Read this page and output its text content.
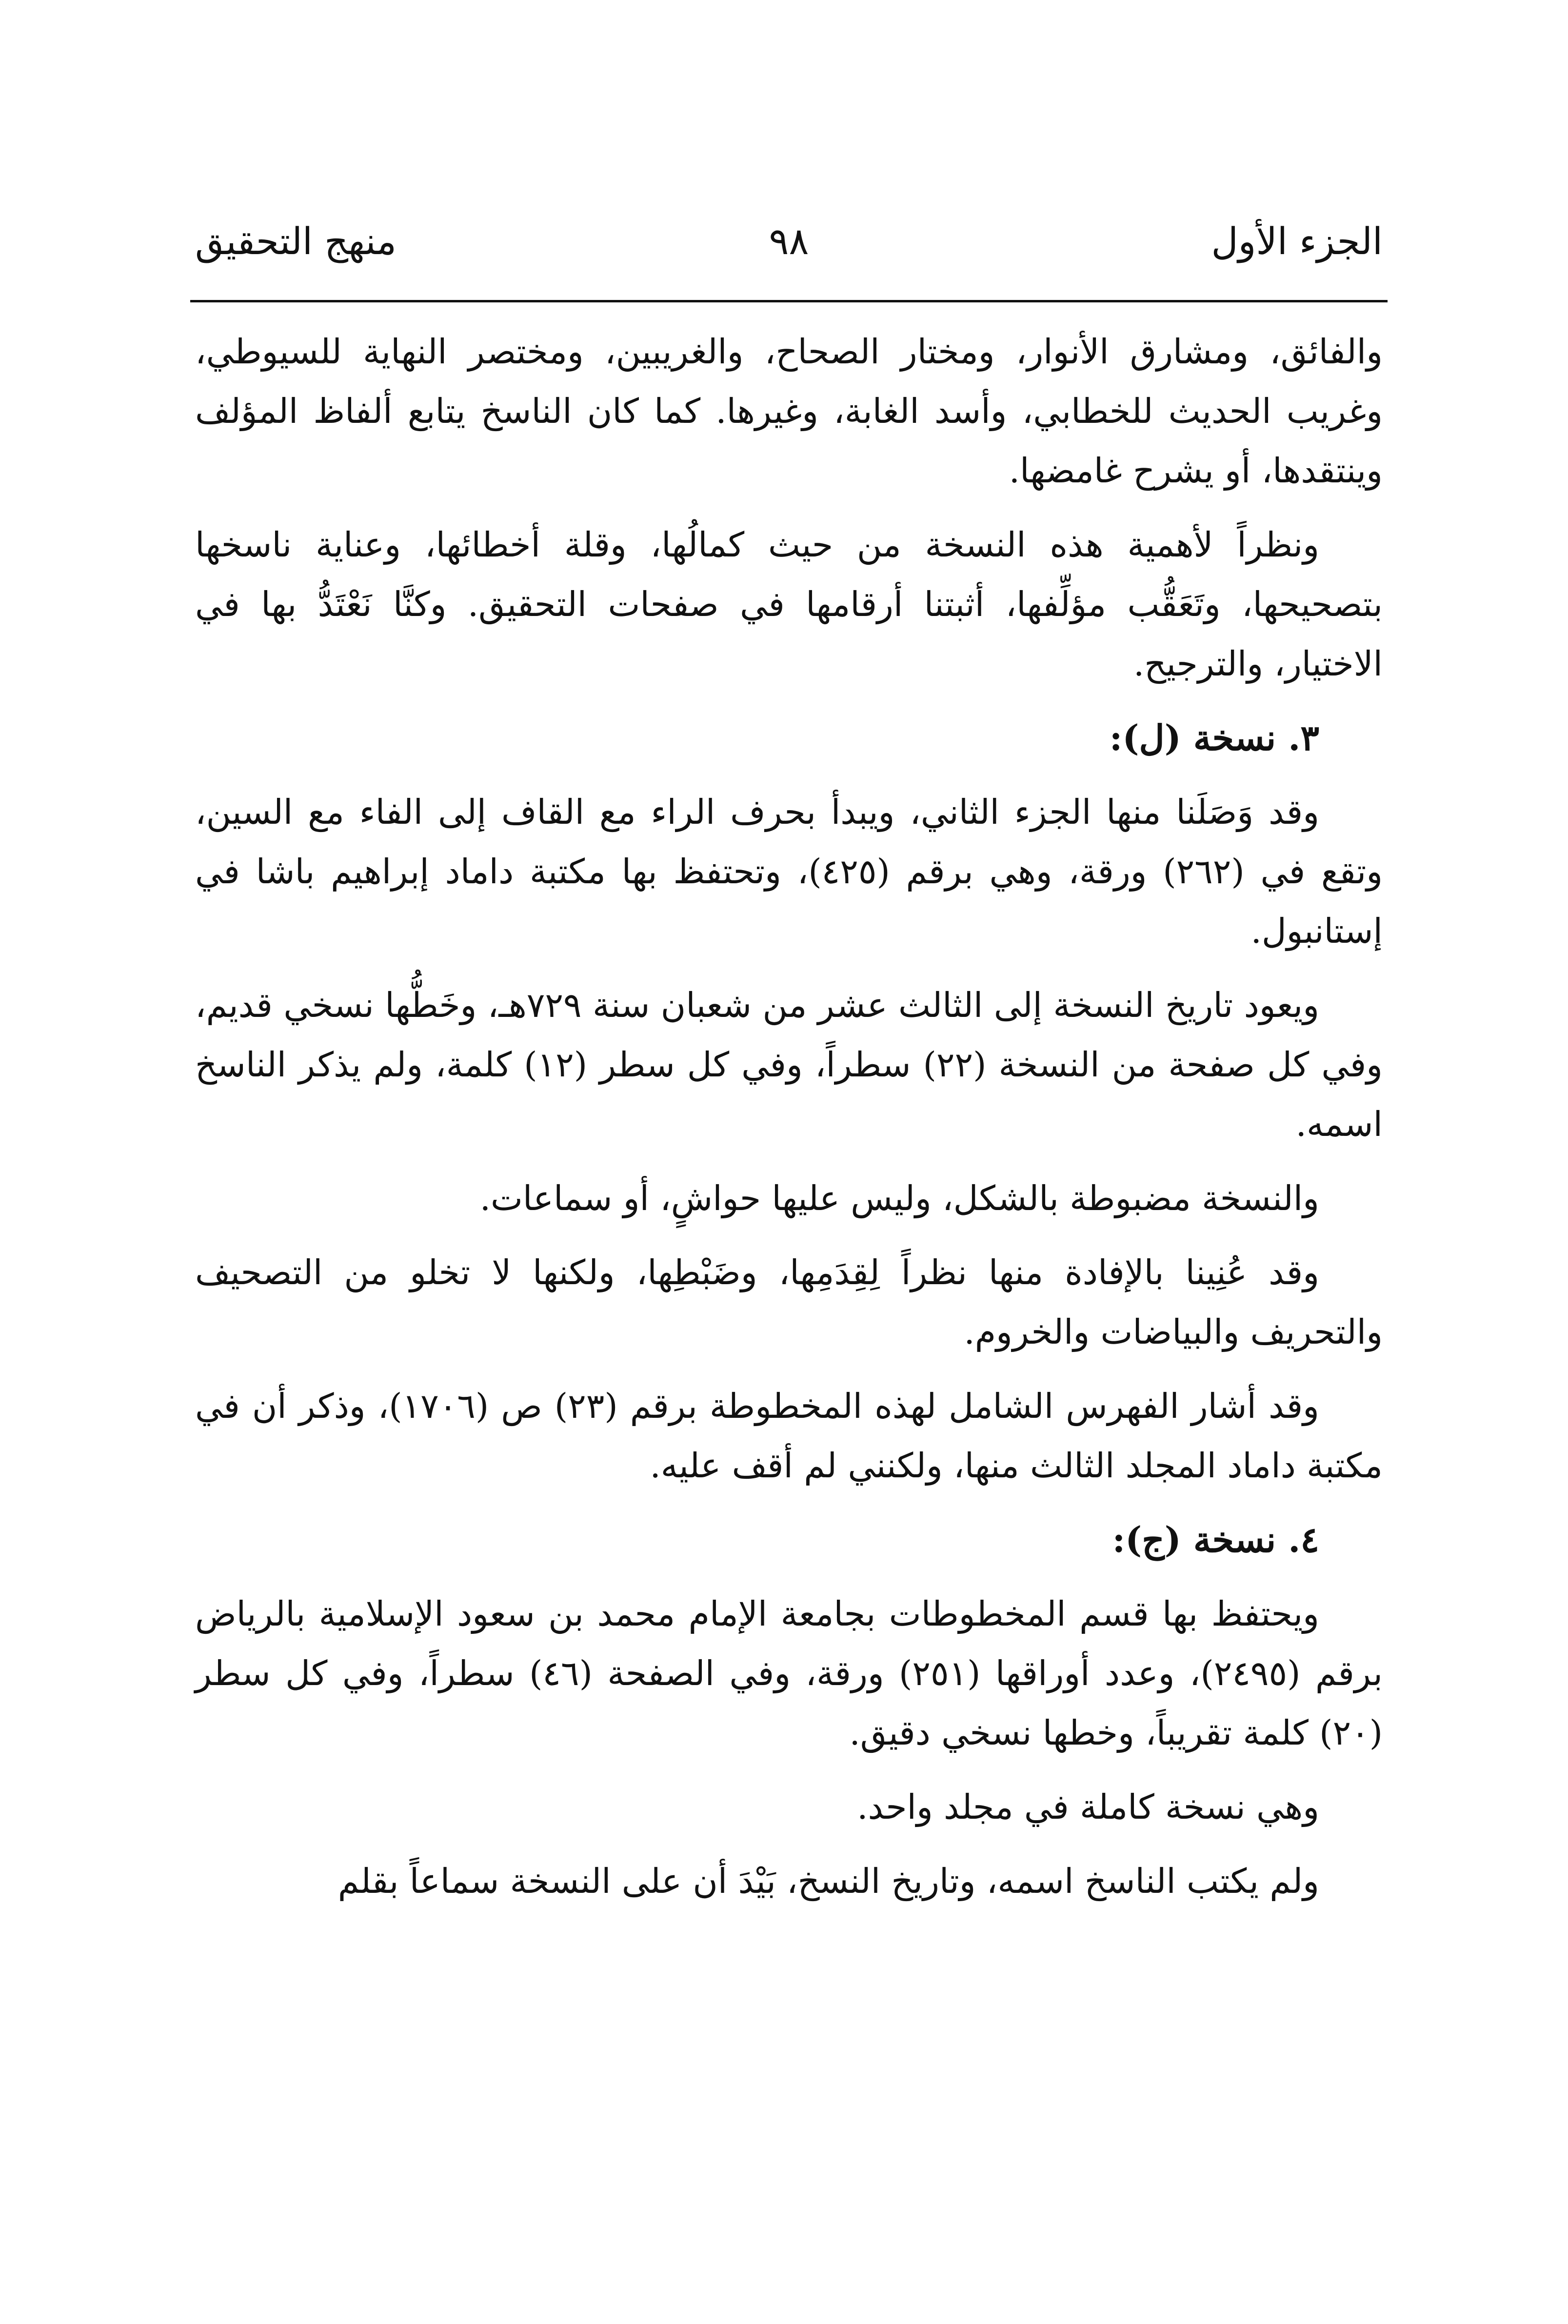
الجزء الأول
٩٨
منهج التحقيق

والفائق، ومشارق الأنوار، ومختار الصحاح، والغريبين، ومختصر النهاية للسيوطي، وغريب الحديث للخطابي، وأسد الغابة، وغيرها. كما كان الناسخ يتابع ألفاظ المؤلف وينتقدها، أو يشرح غامضها.

ونظراً لأهمية هذه النسخة من حيث كمالُها، وقلة أخطائها، وعناية ناسخها بتصحيحها، وتَعَقُّب مؤلِّفها، أثبتنا أرقامها في صفحات التحقيق. وكنَّا نَعْتَدُّ بها في الاختيار، والترجيح.

٣. نسخة (ل):

وقد وَصَلَنا منها الجزء الثاني، ويبدأ بحرف الراء مع القاف إلى الفاء مع السين، وتقع في (٢٦٢) ورقة، وهي برقم (٤٢٥)، وتحتفظ بها مكتبة داماد إبراهيم باشا في إستانبول.

ويعود تاريخ النسخة إلى الثالث عشر من شعبان سنة ٧٢٩هـ، وخَطُّها نسخي قديم، وفي كل صفحة من النسخة (٢٢) سطراً، وفي كل سطر (١٢) كلمة، ولم يذكر الناسخ اسمه.

والنسخة مضبوطة بالشكل، وليس عليها حواشٍ، أو سماعات.

وقد عُنِينا بالإفادة منها نظراً لِقِدَمِها، وضَبْطِها، ولكنها لا تخلو من التصحيف والتحريف والبياضات والخروم.

وقد أشار الفهرس الشامل لهذه المخطوطة برقم (٢٣) ص (١٧٠٦)، وذكر أن في مكتبة داماد المجلد الثالث منها، ولكنني لم أقف عليه.

٤. نسخة (ج):

ويحتفظ بها قسم المخطوطات بجامعة الإمام محمد بن سعود الإسلامية بالرياض برقم (٢٤٩٥)، وعدد أوراقها (٢٥١) ورقة، وفي الصفحة (٤٦) سطراً، وفي كل سطر (٢٠) كلمة تقريباً، وخطها نسخي دقيق.

وهي نسخة كاملة في مجلد واحد.

ولم يكتب الناسخ اسمه، وتاريخ النسخ، بَيْدَ أن على النسخة سماعاً بقلم
